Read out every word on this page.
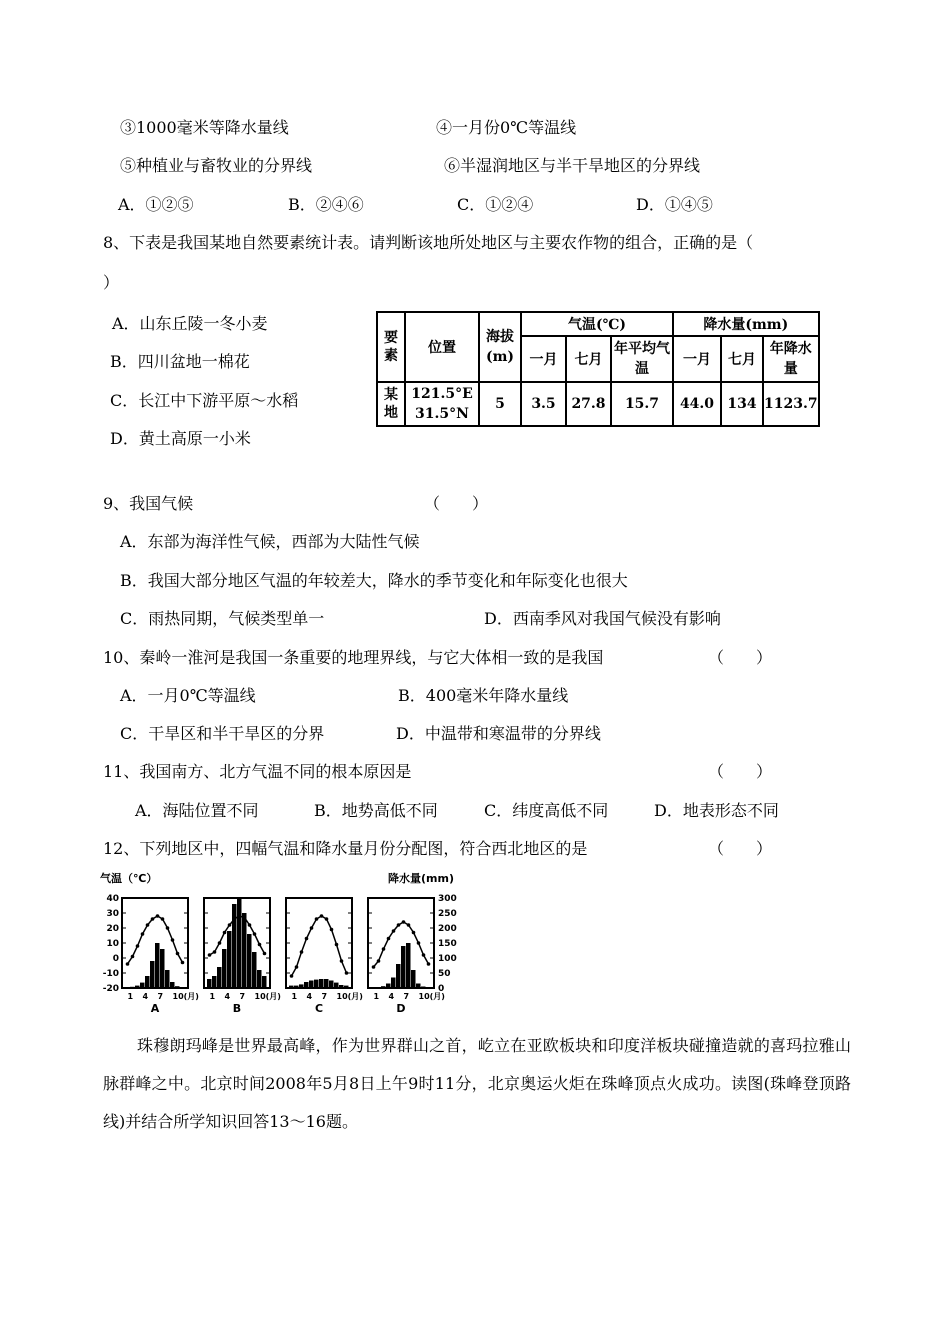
③1000毫米等降水量线	④一月份0℃等温线
⑤种植业与畜牧业的分界线	⑥半湿润地区与半干旱地区的分界线
A．①②⑤	B．②④⑥	C．①②④	D．①④⑤
8、下表是我国某地自然要素统计表。请判断该地所处地区与主要农作物的组合，正确的是（
）
A．山东丘陵一冬小麦
B．四川盆地一棉花
C．长江中下游平原～水稻
D．黄土高原一小米
要素	位置	海拔(m)	气温(℃)			降水量(mm)		
			一月	七月	年平均气温	一月	七月	年降水量
某地	121.5°E
31.5°N	5	3.5	27.8	15.7	44.0	134	1123.7
9、我国气候	（　　）
A．东部为海洋性气候，西部为大陆性气候
B．我国大部分地区气温的年较差大，降水的季节变化和年际变化也很大
C．雨热同期，气候类型单一	D．西南季风对我国气候没有影响
10、秦岭一淮河是我国一条重要的地理界线，与它大体相一致的是我国	（　　）
A．一月0℃等温线	B．400毫米年降水量线
C．干旱区和半干旱区的分界	D．中温带和寒温带的分界线
11、我国南方、北方气温不同的根本原因是	（　　）
A．海陆位置不同	B．地势高低不同	C．纬度高低不同	D．地表形态不同
12、下列地区中，四幅气温和降水量月份分配图，符合西北地区的是	（　　）
气温（℃）	降水量(mm)
40
30
20
10
0
-10
-20
300
250
200
150
100
50
0
1 4 7 10(月)
A
1 4 7 10(月)
B
1 4 7 10(月)
C
1 4 7 10(月)
D
珠穆朗玛峰是世界最高峰，作为世界群山之首，屹立在亚欧板块和印度洋板块碰撞造就的喜玛拉雅山脉群峰之中。北京时间2008年5月8日上午9时11分，北京奥运火炬在珠峰顶点火成功。读图(珠峰登顶路线)并结合所学知识回答13～16题。
